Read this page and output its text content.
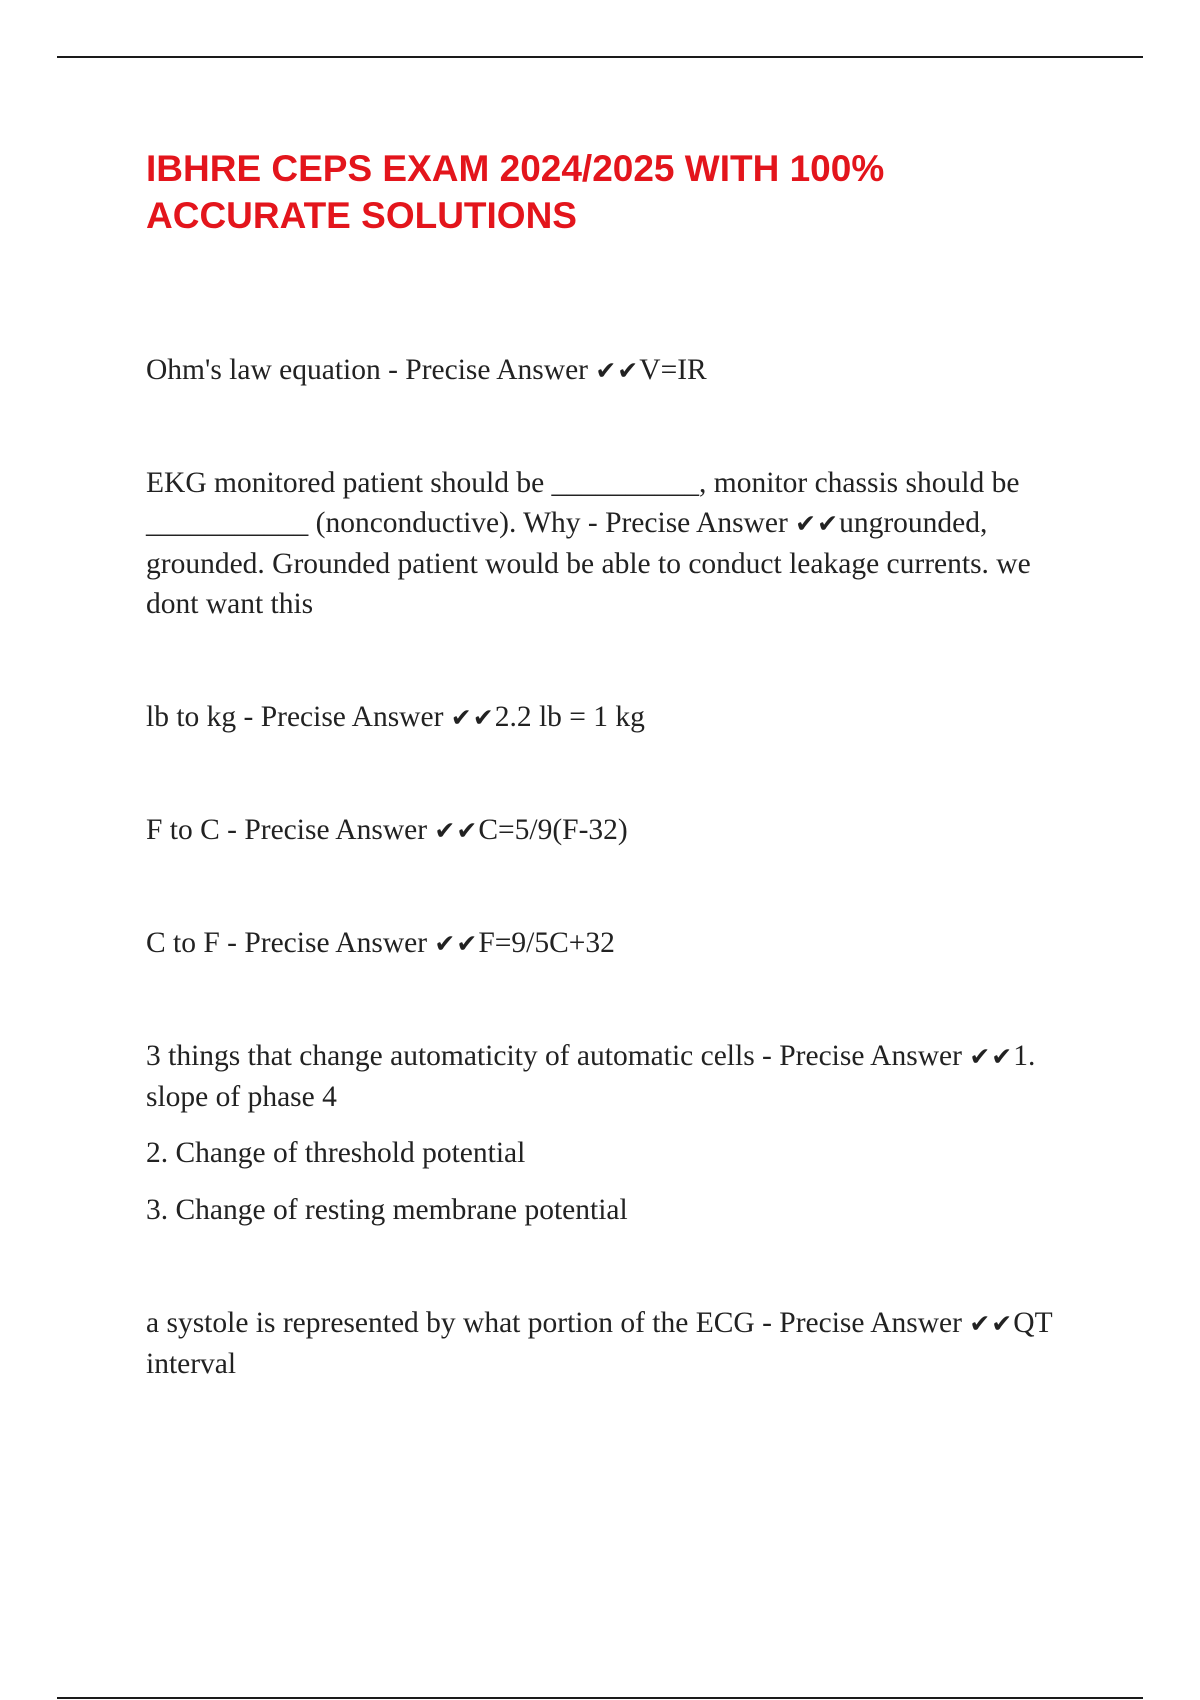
IBHRE CEPS EXAM 2024/2025 WITH 100% ACCURATE SOLUTIONS

Ohm's law equation - Precise Answer ✔✔V=IR

EKG monitored patient should be __________, monitor chassis should be ___________ (nonconductive). Why - Precise Answer ✔✔ungrounded, grounded. Grounded patient would be able to conduct leakage currents. we dont want this

lb to kg - Precise Answer ✔✔2.2 lb = 1 kg

F to C - Precise Answer ✔✔C=5/9(F-32)

C to F - Precise Answer ✔✔F=9/5C+32

3 things that change automaticity of automatic cells - Precise Answer ✔✔1. slope of phase 4

2. Change of threshold potential

3. Change of resting membrane potential

a systole is represented by what portion of the ECG - Precise Answer ✔✔QT interval
